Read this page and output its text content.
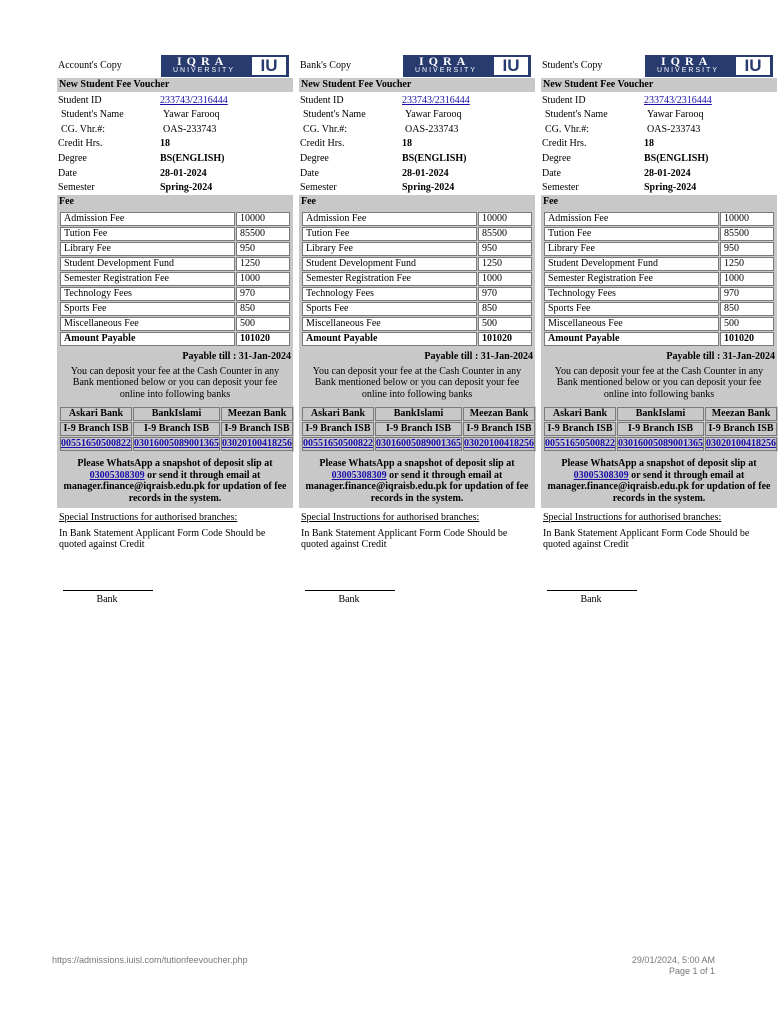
Account's Copy	IQRA
UNIVERSITY	IU
New Student Fee Voucher
Student ID	233743/2316444
Student's Name	Yawar Farooq
CG. Vhr.#:	OAS-233743
Credit Hrs.	18
Degree	BS(ENGLISH)
Date	28-01-2024
Semester	Spring-2024
Fee
Admission Fee	10000
Tution Fee	85500
Library Fee	950
Student Development Fund	1250
Semester Registration Fee	1000
Technology Fees	970
Sports Fee	850
Miscellaneous Fee	500
Amount Payable	101020
Payable till : 31-Jan-2024
You can deposit your fee at the Cash Counter in any Bank mentioned below or you can deposit your fee online into following banks
Askari Bank	BankIslami	Meezan Bank
I-9 Branch ISB	I-9 Branch ISB	I-9 Branch ISB
00551650500822	03016005089001365	03020100418256
Please WhatsApp a snapshot of deposit slip at
03005308309 or send it through email at manager.finance@iqraisb.edu.pk for updation of fee records in the system.
Special Instructions for authorised branches:
In Bank Statement Applicant Form Code Should be quoted against Credit
Bank
Bank's Copy	IQRA
UNIVERSITY	IU
New Student Fee Voucher
Student ID	233743/2316444
Student's Name	Yawar Farooq
CG. Vhr.#:	OAS-233743
Credit Hrs.	18
Degree	BS(ENGLISH)
Date	28-01-2024
Semester	Spring-2024
Fee
Admission Fee	10000
Tution Fee	85500
Library Fee	950
Student Development Fund	1250
Semester Registration Fee	1000
Technology Fees	970
Sports Fee	850
Miscellaneous Fee	500
Amount Payable	101020
Payable till : 31-Jan-2024
You can deposit your fee at the Cash Counter in any Bank mentioned below or you can deposit your fee online into following banks
Askari Bank	BankIslami	Meezan Bank
I-9 Branch ISB	I-9 Branch ISB	I-9 Branch ISB
00551650500822	03016005089001365	03020100418256
Please WhatsApp a snapshot of deposit slip at
03005308309 or send it through email at manager.finance@iqraisb.edu.pk for updation of fee records in the system.
Special Instructions for authorised branches:
In Bank Statement Applicant Form Code Should be quoted against Credit
Bank
Student's Copy	IQRA
UNIVERSITY	IU
New Student Fee Voucher
Student ID	233743/2316444
Student's Name	Yawar Farooq
CG. Vhr.#:	OAS-233743
Credit Hrs.	18
Degree	BS(ENGLISH)
Date	28-01-2024
Semester	Spring-2024
Fee
Admission Fee	10000
Tution Fee	85500
Library Fee	950
Student Development Fund	1250
Semester Registration Fee	1000
Technology Fees	970
Sports Fee	850
Miscellaneous Fee	500
Amount Payable	101020
Payable till : 31-Jan-2024
You can deposit your fee at the Cash Counter in any Bank mentioned below or you can deposit your fee online into following banks
Askari Bank	BankIslami	Meezan Bank
I-9 Branch ISB	I-9 Branch ISB	I-9 Branch ISB
00551650500822	03016005089001365	03020100418256
Please WhatsApp a snapshot of deposit slip at
03005308309 or send it through email at manager.finance@iqraisb.edu.pk for updation of fee records in the system.
Special Instructions for authorised branches:
In Bank Statement Applicant Form Code Should be quoted against Credit
Bank
https://admissions.iuisl.com/tutionfeevoucher.php	29/01/2024, 5:00 AM
Page 1 of 1
